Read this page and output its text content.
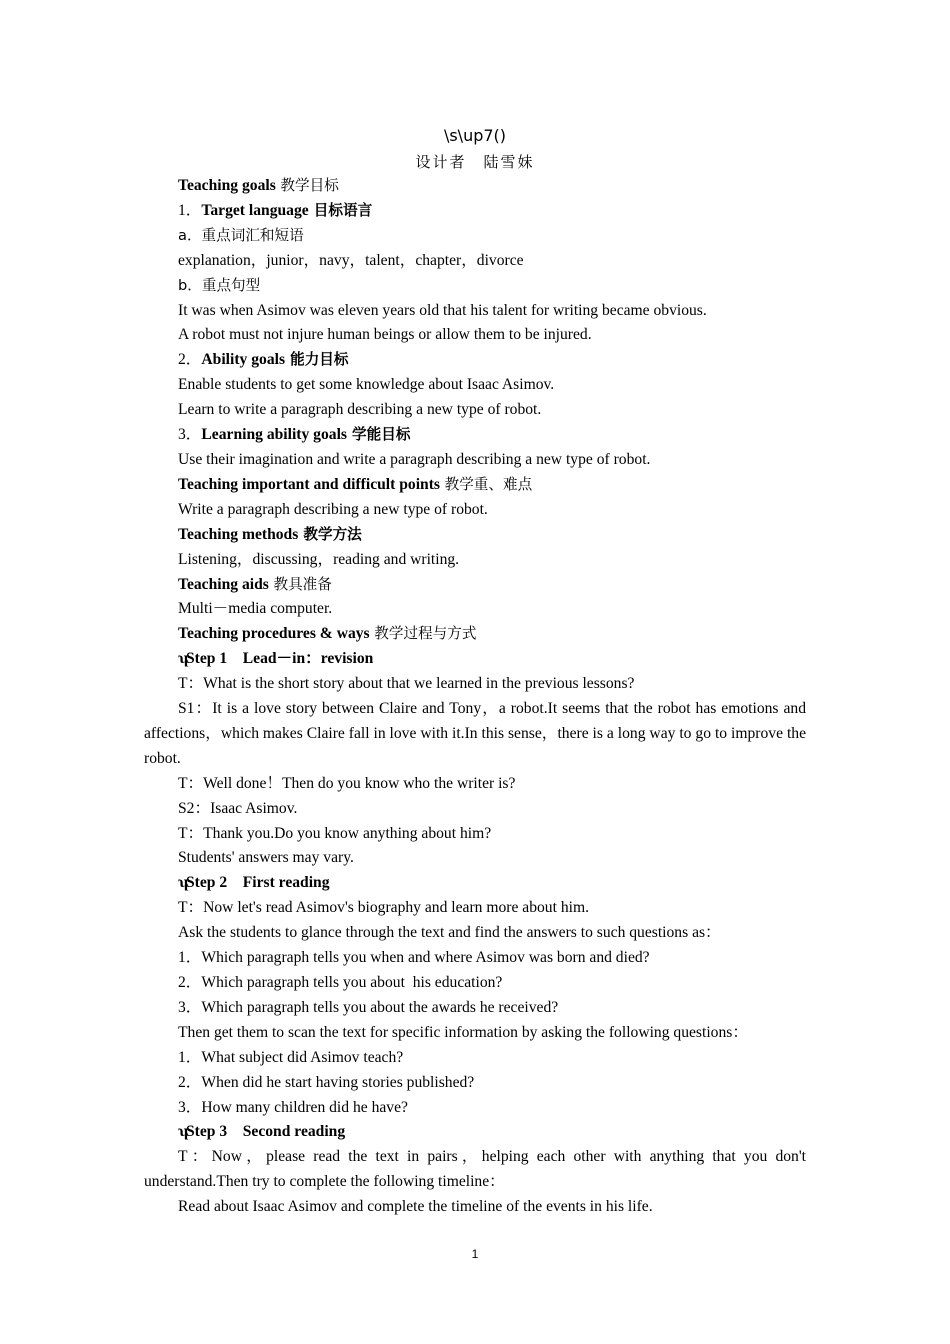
\s\up7()
设计者　陆雪妹

Teaching goals 教学目标

1．Target language 目标语言

a．重点词汇和短语

explanation，junior，navy，talent，chapter，divorce

b．重点句型

It was when Asimov was eleven years old that his talent for writing became obvious.

A robot must not injure human beings or allow them to be injured.

2．Ability goals 能力目标

Enable students to get some knowledge about Isaac Asimov.

Learn to write a paragraph describing a new type of robot.

3．Learning ability goals 学能目标

Use their imagination and write a paragraph describing a new type of robot.

Teaching important and difficult points 教学重、难点

Write a paragraph describing a new type of robot.

Teaching methods 教学方法

Listening，discussing，reading and writing.

Teaching aids 教具准备

Multi－media computer.

Teaching procedures & ways 教学过程与方式

ʮStep 1　Lead－in：revision

T：What is the short story about that we learned in the previous lessons?

S1：It is a love story between Claire and Tony，a robot.It seems that the robot has emotions and affections，which makes Claire fall in love with it.In this sense，there is a long way to go to improve the robot.

T：Well done！Then do you know who the writer is?

S2：Isaac Asimov.

T：Thank you.Do you know anything about him?

Students' answers may vary.

ʮStep 2　First reading

T：Now let's read Asimov's biography and learn more about him.

Ask the students to glance through the text and find the answers to such questions as：

1．Which paragraph tells you when and where Asimov was born and died?

2．Which paragraph tells you about  his education?

3．Which paragraph tells you about the awards he received?

Then get them to scan the text for specific information by asking the following questions：

1．What subject did Asimov teach?

2．When did he start having stories published?

3．How many children did he have?

ʮStep 3　Second reading

T：Now，please read the text in pairs，helping each other with anything that you don't understand.Then try to complete the following timeline：

Read about Isaac Asimov and complete the timeline of the events in his life.

1
